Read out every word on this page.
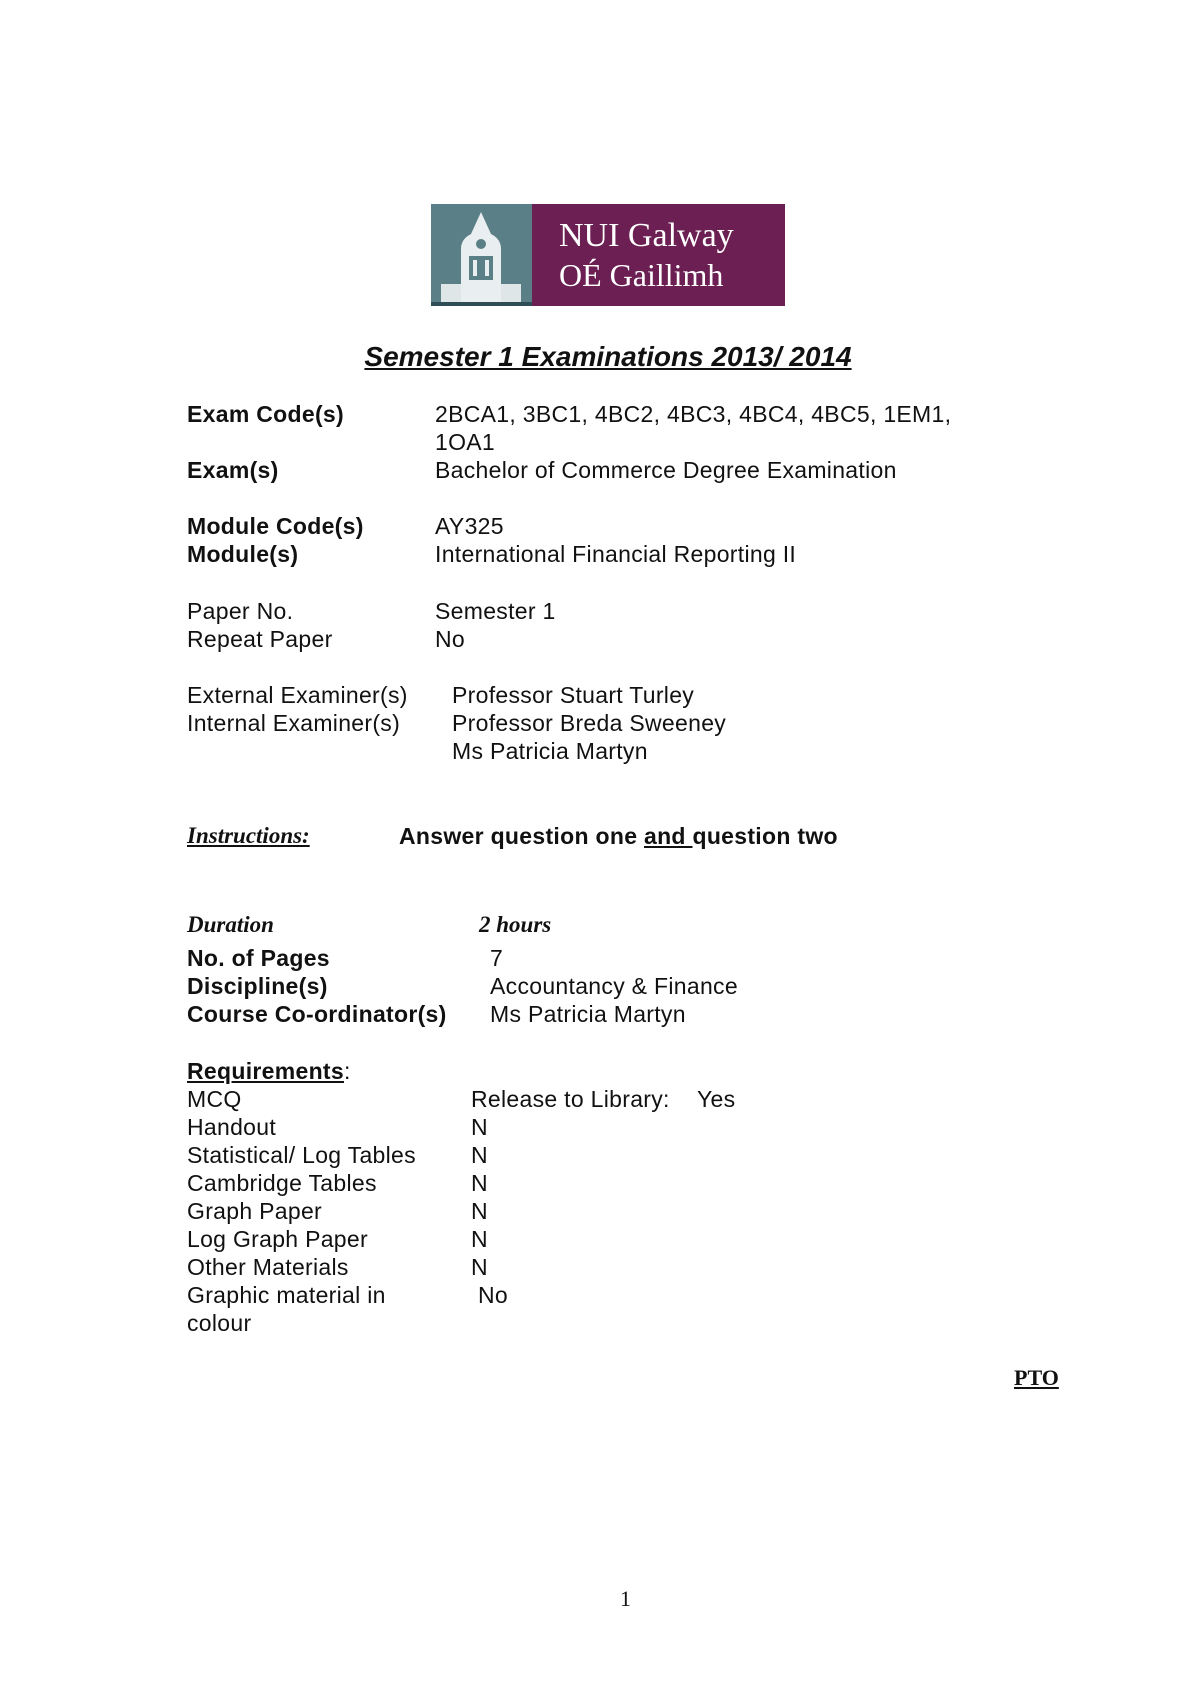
NUI Galway
OÉ Gaillimh
Semester 1 Examinations 2013/ 2014
Exam Code(s)	2BCA1, 3BC1, 4BC2, 4BC3, 4BC4, 4BC5, 1EM1,
1OA1
Exam(s)	Bachelor of Commerce Degree Examination
Module Code(s)	AY325
Module(s)	International Financial Reporting II
Paper No.	Semester 1
Repeat Paper	No
External Examiner(s) Professor Stuart Turley
Internal Examiner(s) Professor Breda Sweeney
Ms Patricia Martyn
Instructions:	Answer question one and question two
Duration	2 hours
No. of Pages	7
Discipline(s)	Accountancy & Finance
Course Co-ordinator(s) Ms Patricia Martyn
Requirements:
MCQ	Release to Library: Yes
Handout	N
Statistical/ Log Tables N
Cambridge Tables	N
Graph Paper	N
Log Graph Paper	N
Other Materials	N
Graphic material in	No
colour
PTO
1
